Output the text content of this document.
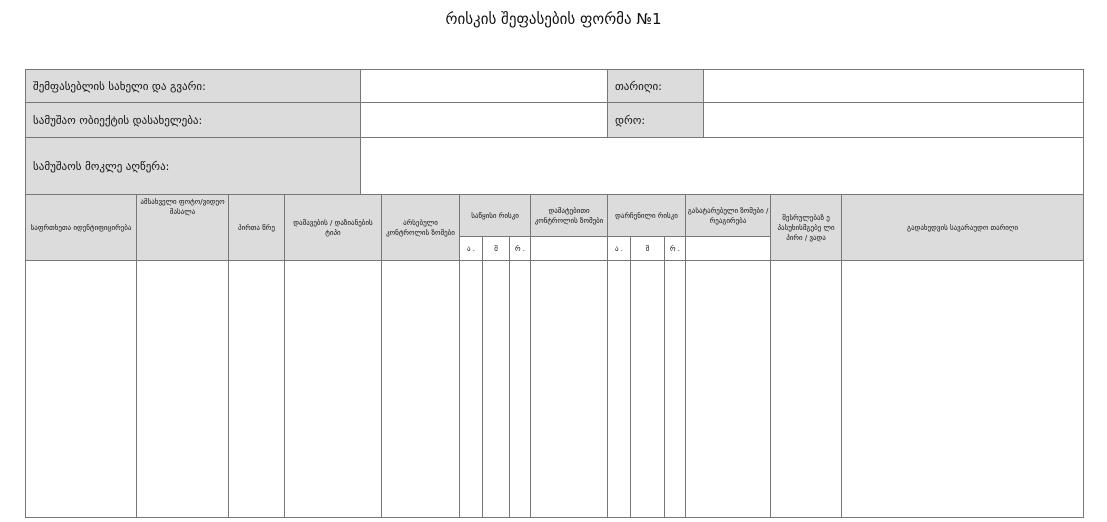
რისკის შეფასების ფორმა №1
შემფასებლის სახელი და გვარი:		თარიღი:	
სამუშაო ობიექტის დასახელება:		დრო:	
სამუშაოს მოკლე აღწერა:			
საფრთხეთა იდენტიფიცირება	ამსახველი ფოტო/ვიდეო მასალა	პირთა წრე	დაშავების / დაზიანების ტიპი	არსებული კონტროლის ზომები	საწყისი რისკი			დამატებითი კონტროლის ზომები	დარჩენილი რისკი			გასატარებელი ზომები / რეაგირება	შესრულებაზ ე პასუხისმგებე ლი პირი / ვადა	გადახედვის სავარაუდო თარიღი
					ა .	შ	რ .		ა .	შ	რ .			
